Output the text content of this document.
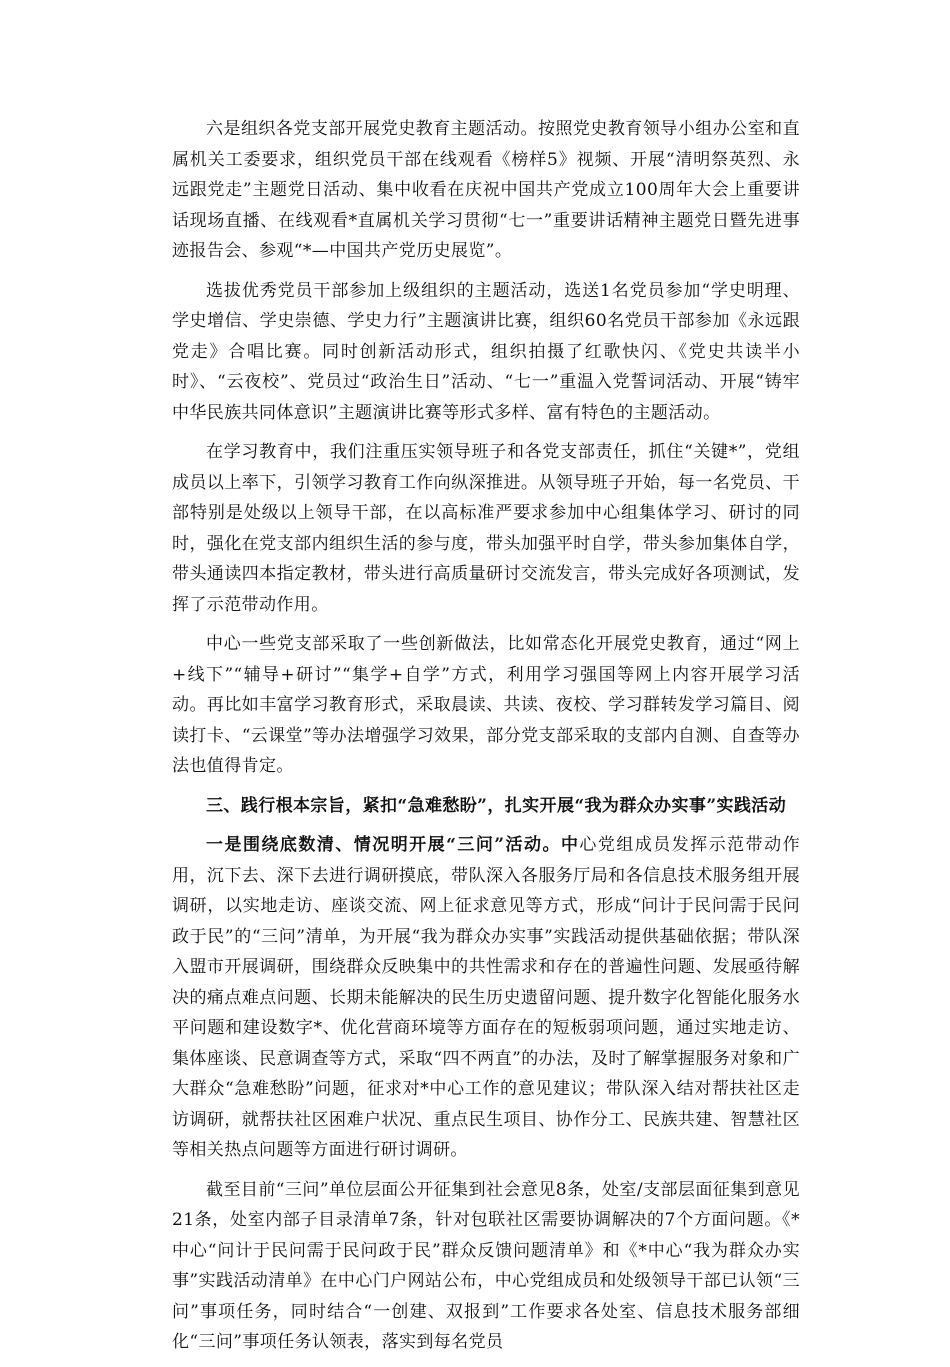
六是组织各党支部开展党史教育主题活动。按照党史教育领导小组办公室和直属机关工委要求，组织党员干部在线观看《榜样5》视频、开展“清明祭英烈、永远跟党走”主题党日活动、集中收看在庆祝中国共产党成立100周年大会上重要讲话现场直播、在线观看*直属机关学习贯彻“七一”重要讲话精神主题党日暨先进事迹报告会、参观“*—中国共产党历史展览”。

选拔优秀党员干部参加上级组织的主题活动，选送1名党员参加“学史明理、学史增信、学史崇德、学史力行”主题演讲比赛，组织60名党员干部参加《永远跟党走》合唱比赛。同时创新活动形式，组织拍摄了红歌快闪、《党史共读半小时》、“云夜校”、党员过“政治生日”活动、“七一”重温入党誓词活动、开展“铸牢中华民族共同体意识”主题演讲比赛等形式多样、富有特色的主题活动。

在学习教育中，我们注重压实领导班子和各党支部责任，抓住“关键*”，党组成员以上率下，引领学习教育工作向纵深推进。从领导班子开始，每一名党员、干部特别是处级以上领导干部，在以高标准严要求参加中心组集体学习、研讨的同时，强化在党支部内组织生活的参与度，带头加强平时自学，带头参加集体自学，带头通读四本指定教材，带头进行高质量研讨交流发言，带头完成好各项测试，发挥了示范带动作用。

中心一些党支部采取了一些创新做法，比如常态化开展党史教育，通过“网上+线下”“辅导+研讨”“集学+自学”方式，利用学习强国等网上内容开展学习活动。再比如丰富学习教育形式，采取晨读、共读、夜校、学习群转发学习篇目、阅读打卡、“云课堂”等办法增强学习效果，部分党支部采取的支部内自测、自查等办法也值得肯定。

三、践行根本宗旨，紧扣“急难愁盼”，扎实开展“我为群众办实事”实践活动

一是围绕底数清、情况明开展“三问”活动。中心党组成员发挥示范带动作用，沉下去、深下去进行调研摸底，带队深入各服务厅局和各信息技术服务组开展调研，以实地走访、座谈交流、网上征求意见等方式，形成“问计于民问需于民问政于民”的“三问”清单，为开展“我为群众办实事”实践活动提供基础依据；带队深入盟市开展调研，围绕群众反映集中的共性需求和存在的普遍性问题、发展亟待解决的痛点难点问题、长期未能解决的民生历史遗留问题、提升数字化智能化服务水平问题和建设数字*、优化营商环境等方面存在的短板弱项问题，通过实地走访、集体座谈、民意调查等方式，采取“四不两直”的办法，及时了解掌握服务对象和广大群众“急难愁盼”问题，征求对*中心工作的意见建议；带队深入结对帮扶社区走访调研，就帮扶社区困难户状况、重点民生项目、协作分工、民族共建、智慧社区等相关热点问题等方面进行研讨调研。

截至目前“三问”单位层面公开征集到社会意见8条，处室/支部层面征集到意见21条，处室内部子目录清单7条，针对包联社区需要协调解决的7个方面问题。《*中心“问计于民问需于民问政于民”群众反馈问题清单》和《*中心“我为群众办实事”实践活动清单》在中心门户网站公布，中心党组成员和处级领导干部已认领“三问”事项任务，同时结合“一创建、双报到”工作要求各处室、信息技术服务部细化“三问”事项任务认领表，落实到每名党员
